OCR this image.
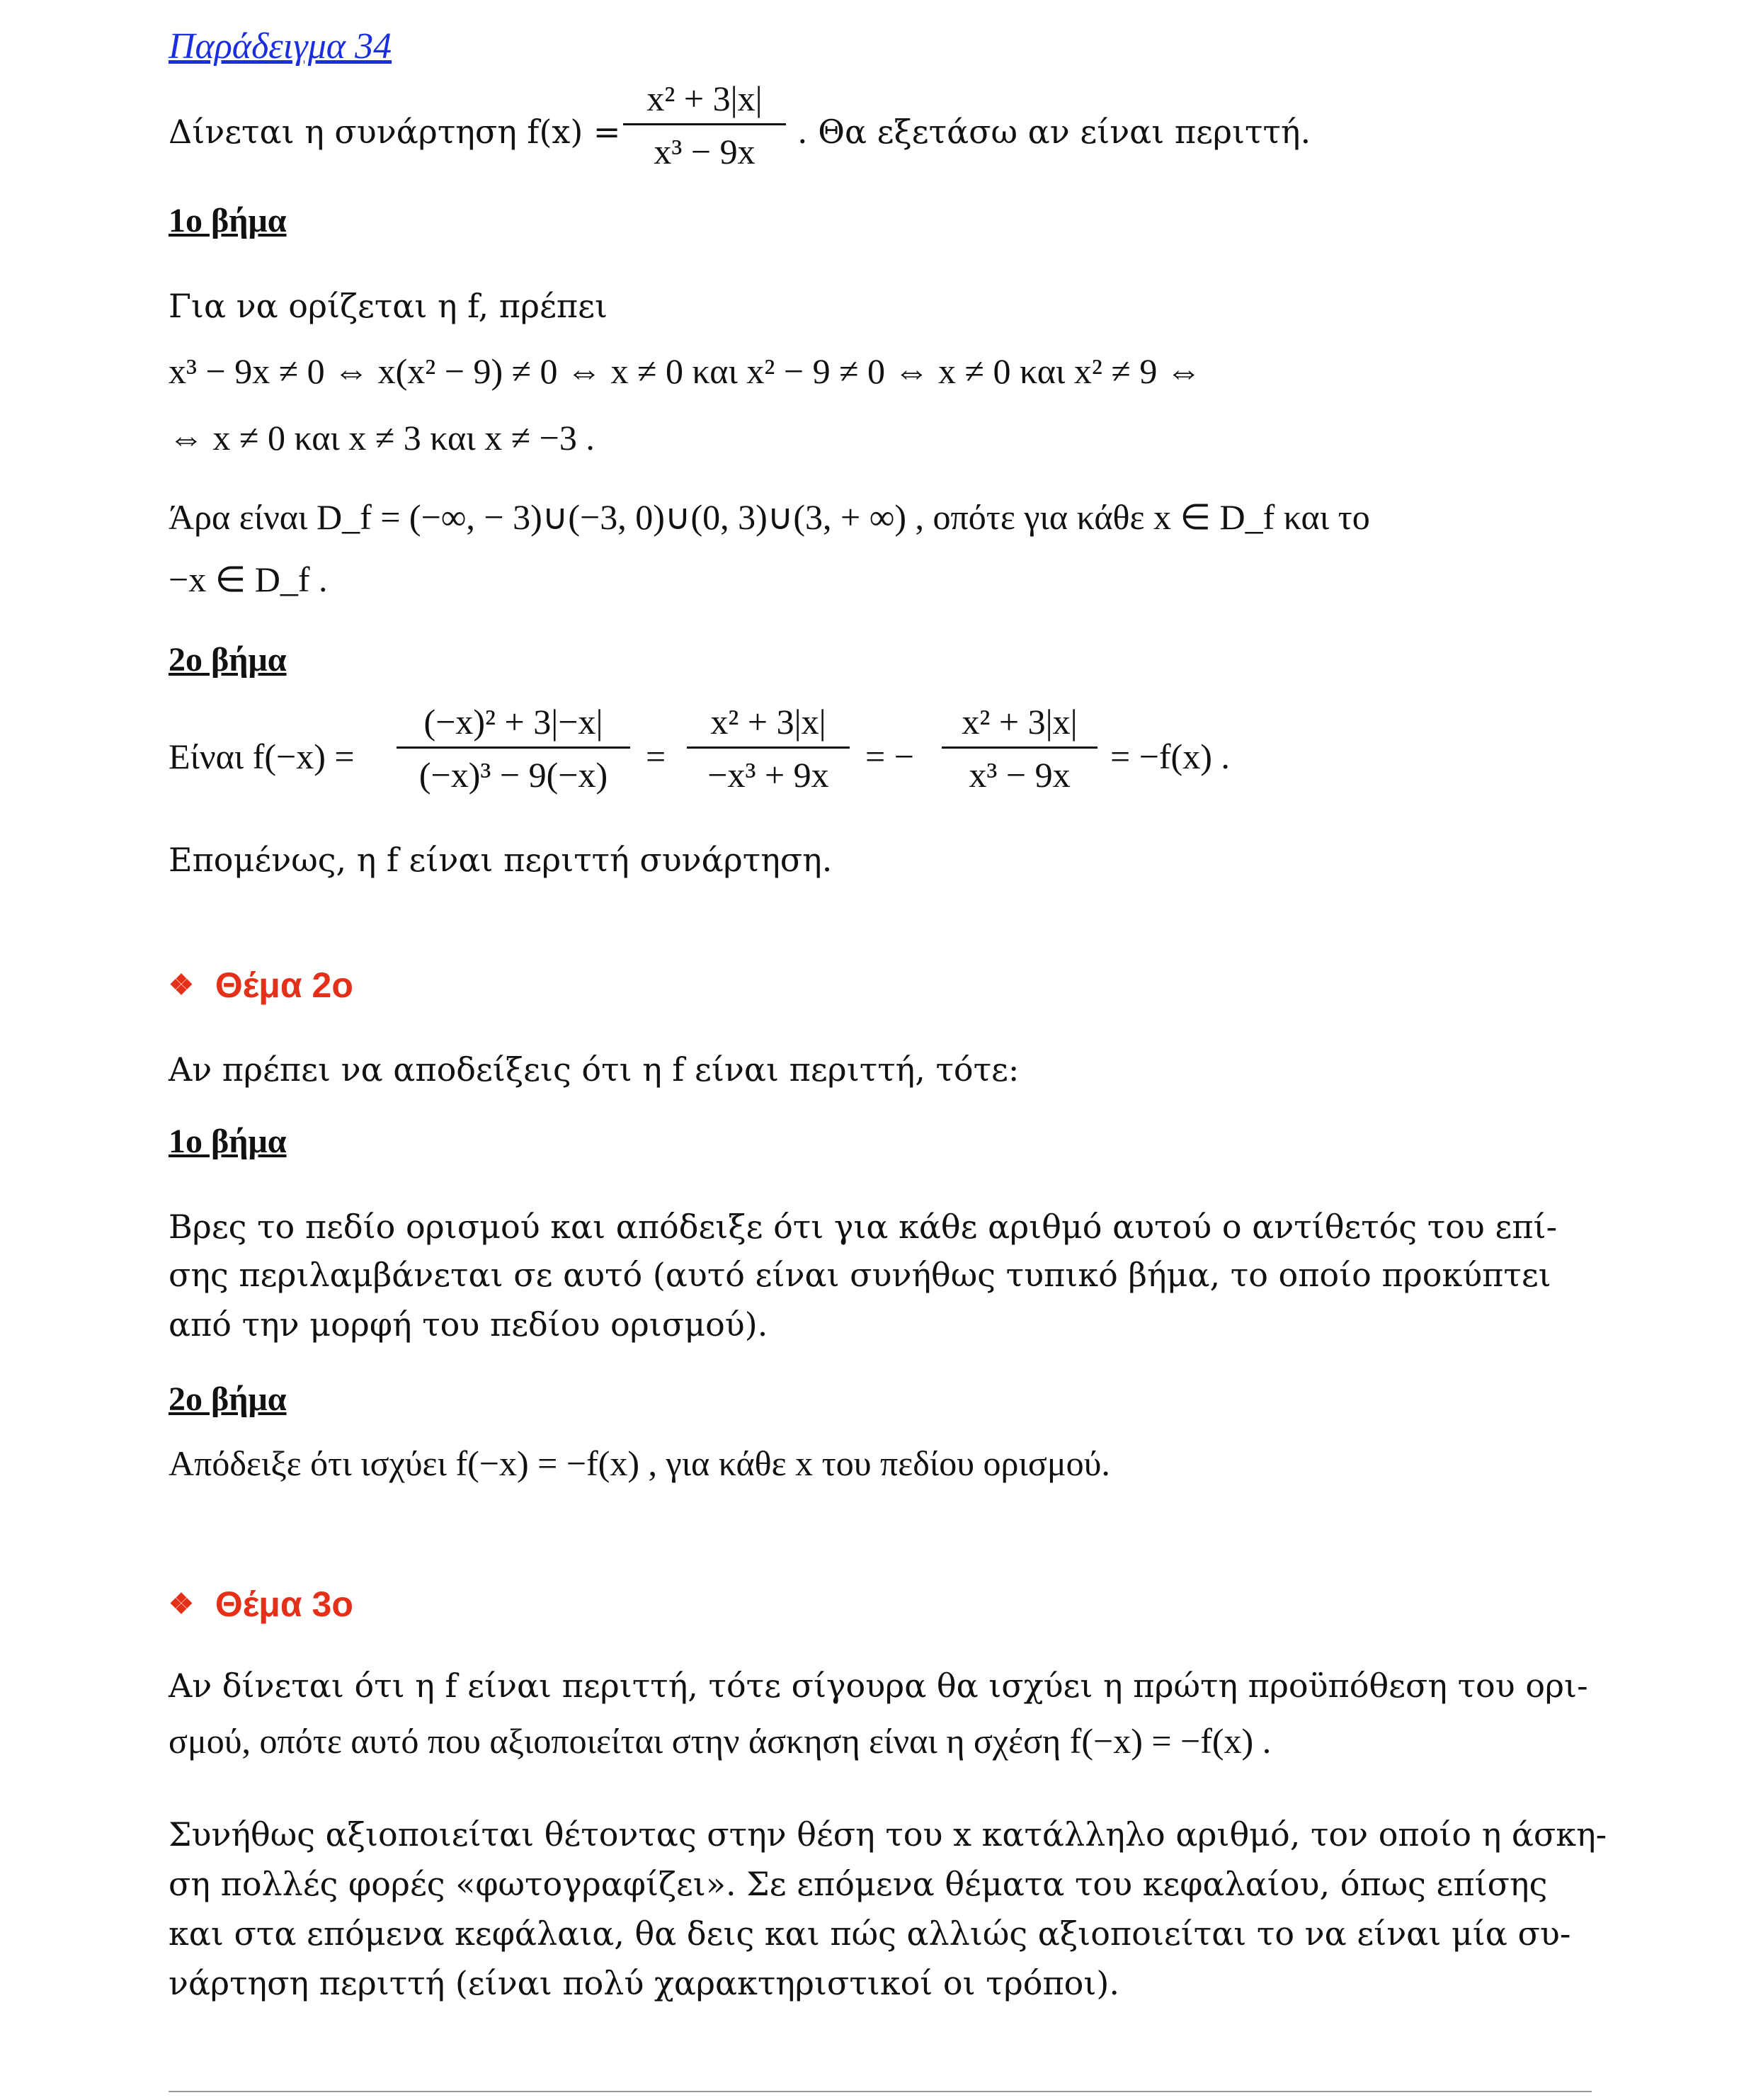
Παράδειγμα 34
Δίνεται η συνάρτηση f(x) =
x² + 3|x|
x³ − 9x	. Θα εξετάσω αν είναι περιττή.
1ο βήμα
Για να ορίζεται η f, πρέπει
x³ − 9x ≠ 0 ⇔ x(x² − 9) ≠ 0 ⇔ x ≠ 0 και x² − 9 ≠ 0 ⇔ x ≠ 0 και x² ≠ 9 ⇔
⇔ x ≠ 0 και x ≠ 3 και x ≠ −3 .
Άρα είναι D_f = (−∞, − 3)∪(−3, 0)∪(0, 3)∪(3, + ∞) , οπότε για κάθε x ∈ D_f και το
−x ∈ D_f .
2ο βήμα
Είναι f(−x) =
(−x)² + 3|−x|
(−x)³ − 9(−x)	=
x² + 3|x|
−x³ + 9x	= −
x² + 3|x|
x³ − 9x	= −f(x) .
Επομένως, η f είναι περιττή συνάρτηση.
❖ Θέμα 2ο
Αν πρέπει να αποδείξεις ότι η f είναι περιττή, τότε:
1ο βήμα
Βρες το πεδίο ορισμού και απόδειξε ότι για κάθε αριθμό αυτού ο αντίθετός του επί-
σης περιλαμβάνεται σε αυτό (αυτό είναι συνήθως τυπικό βήμα, το οποίο προκύπτει
από την μορφή του πεδίου ορισμού).
2ο βήμα
Απόδειξε ότι ισχύει f(−x) = −f(x) , για κάθε x του πεδίου ορισμού.
❖ Θέμα 3ο
Αν δίνεται ότι η f είναι περιττή, τότε σίγουρα θα ισχύει η πρώτη προϋπόθεση του ορι-
σμού, οπότε αυτό που αξιοποιείται στην άσκηση είναι η σχέση f(−x) = −f(x) .
Συνήθως αξιοποιείται θέτοντας στην θέση του x κατάλληλο αριθμό, τον οποίο η άσκη-
ση πολλές φορές «φωτογραφίζει». Σε επόμενα θέματα του κεφαλαίου, όπως επίσης
και στα επόμενα κεφάλαια, θα δεις και πώς αλλιώς αξιοποιείται το να είναι μία συ-
νάρτηση περιττή (είναι πολύ χαρακτηριστικοί οι τρόποι).
